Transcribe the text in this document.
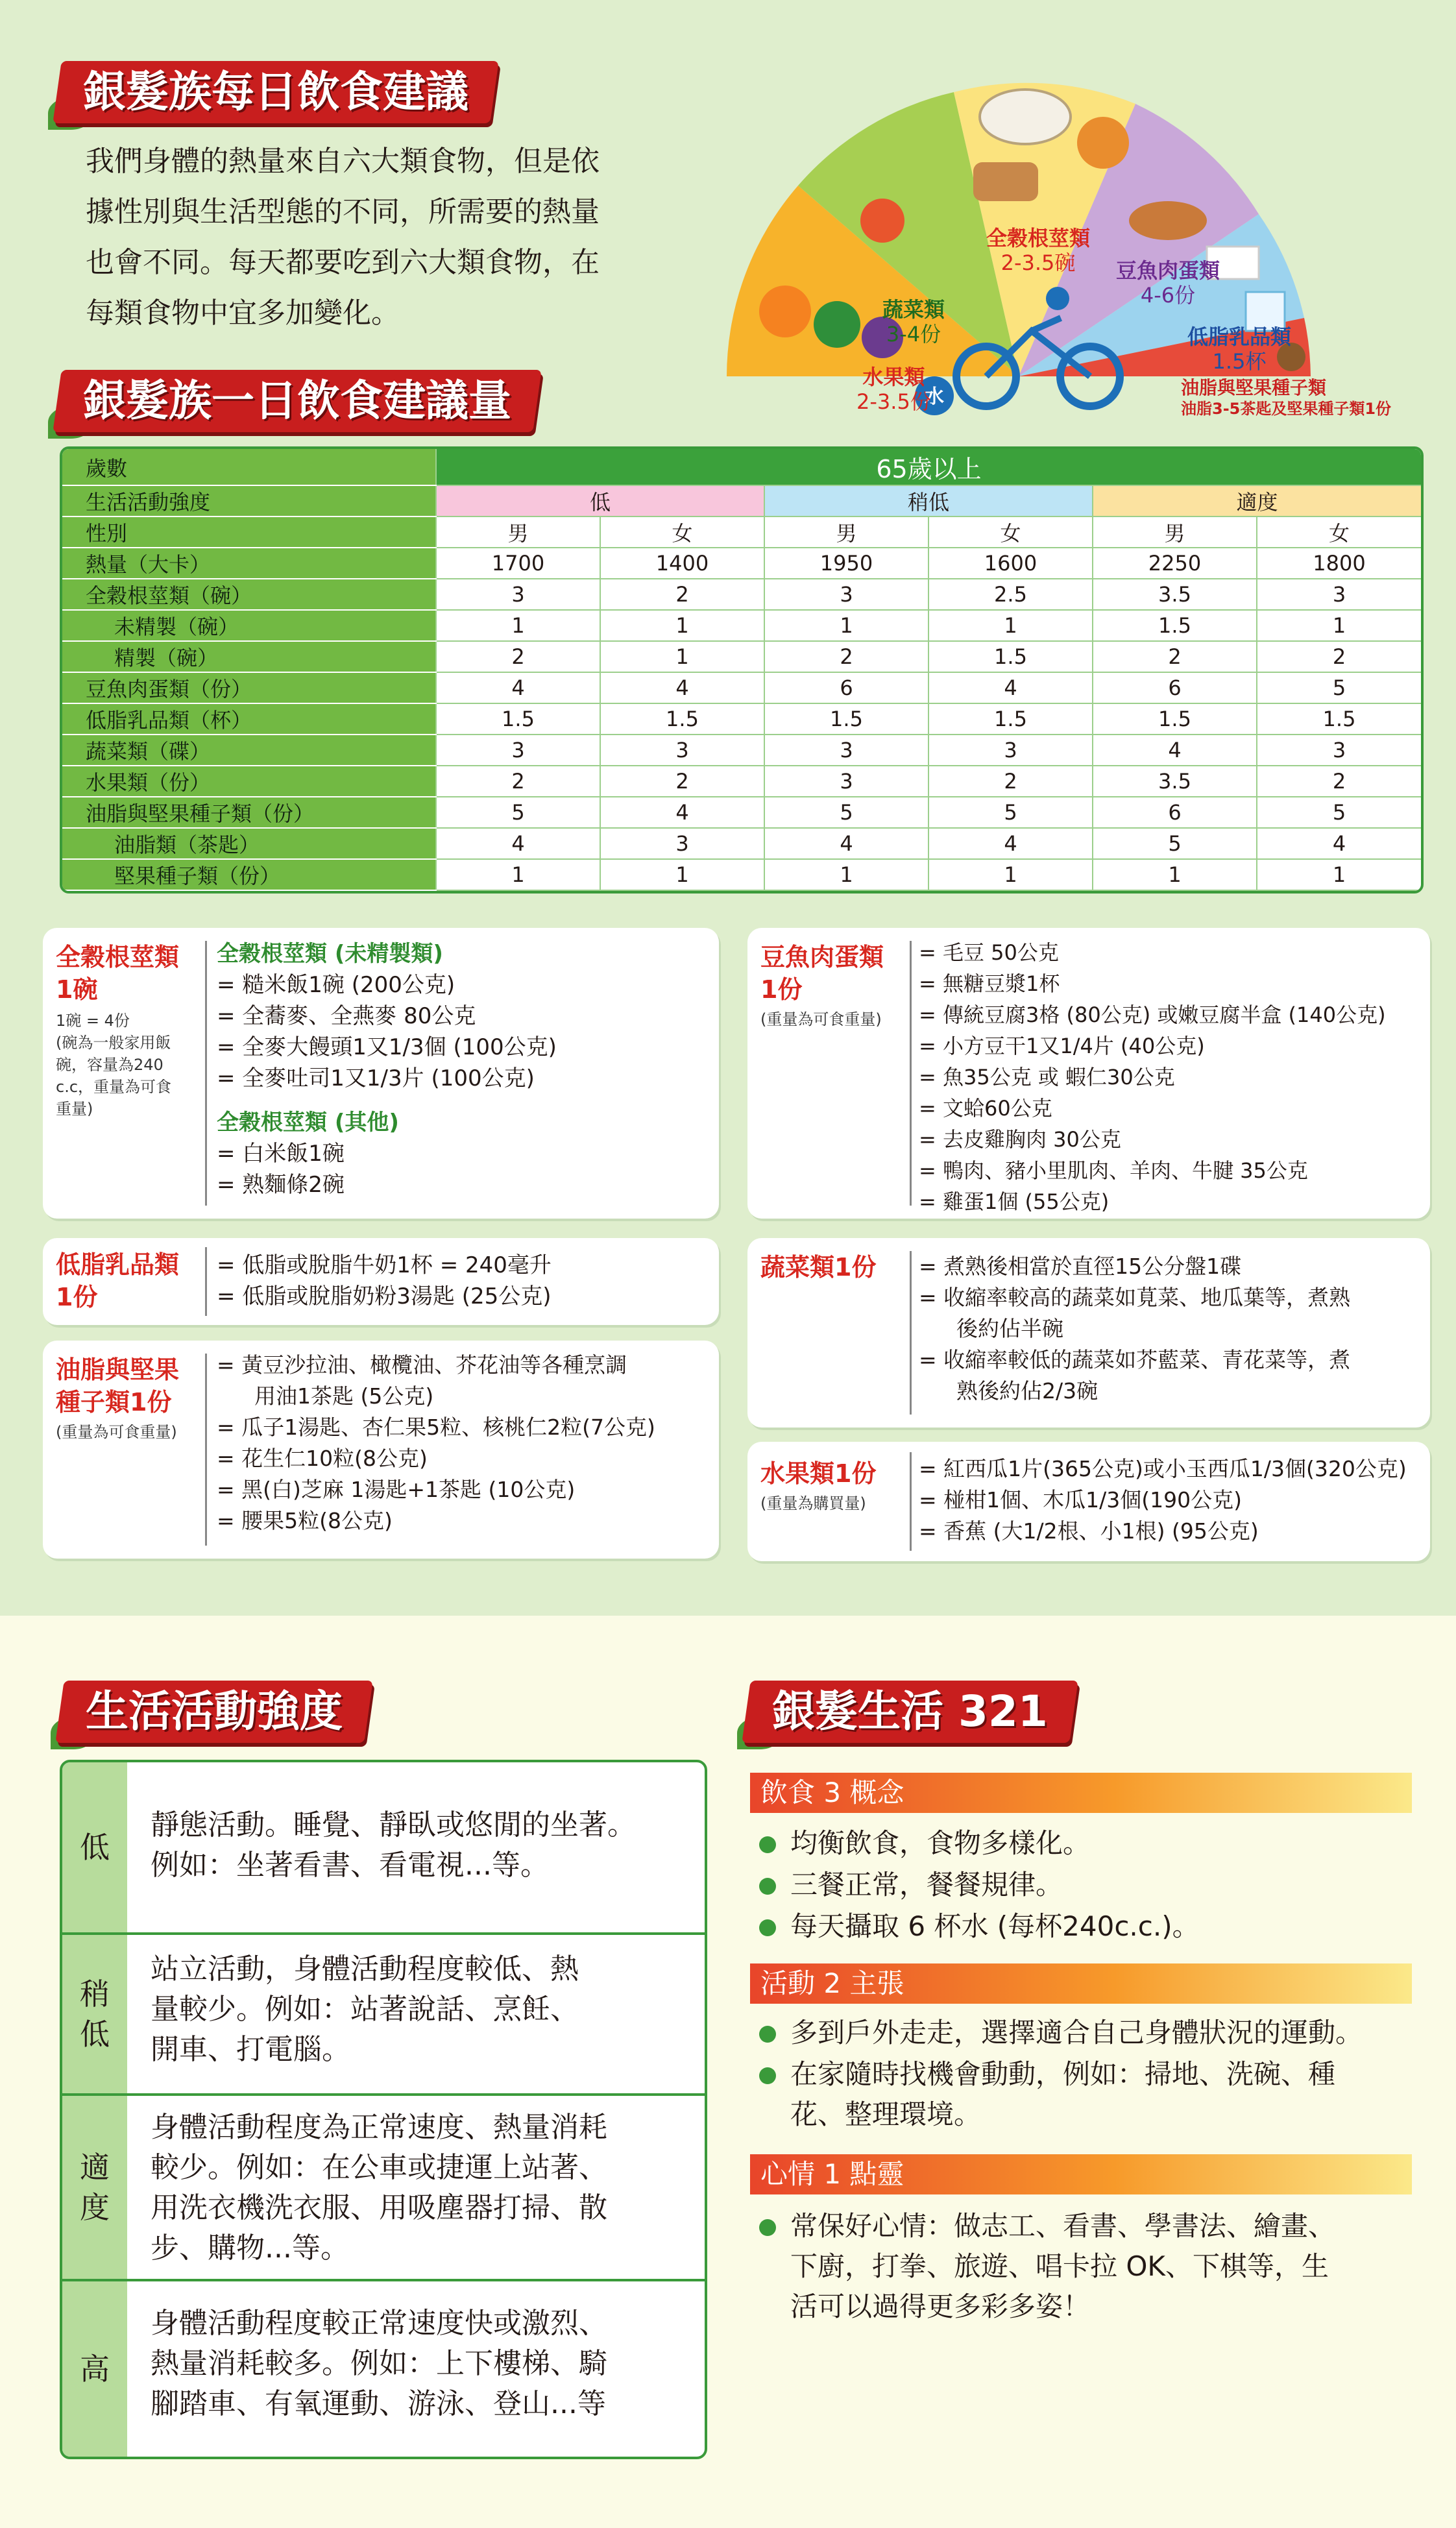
銀髮族每日飲食建議
我們身體的熱量來自六大類食物，但是依
據性別與生活型態的不同，所需要的熱量
也會不同。每天都要吃到六大類食物，在
每類食物中宜多加變化。
水
全穀根莖類
2-3.5碗	豆魚肉蛋類
4-6份
低脂乳品類
1.5杯
油脂與堅果種子類
油脂3-5茶匙及堅果種子類1份
蔬菜類
3-4份
水果類
2-3.5份
銀髮族一日飲食建議量
歲數	65歲以上					
生活活動強度	低		稍低		適度	
性別	男	女	男	女	男	女
熱量（大卡）	1700	1400	1950	1600	2250	1800
全穀根莖類（碗）	3	2	3	2.5	3.5	3
未精製（碗）	1	1	1	1	1.5	1
精製（碗）	2	1	2	1.5	2	2
豆魚肉蛋類（份）	4	4	6	4	6	5
低脂乳品類（杯）	1.5	1.5	1.5	1.5	1.5	1.5
蔬菜類（碟）	3	3	3	3	4	3
水果類（份）	2	2	3	2	3.5	2
油脂與堅果種子類（份）	5	4	5	5	6	5
油脂類（茶匙）	4	3	4	4	5	4
堅果種子類（份）	1	1	1	1	1	1
全穀根莖類
1碗
1碗 = 4份
(碗為一般家用飯
碗，容量為240
c.c，重量為可食
重量)
全穀根莖類 (未精製類)
= 糙米飯1碗 (200公克)
= 全蕎麥、全燕麥 80公克
= 全麥大饅頭1又1/3個 (100公克)
= 全麥吐司1又1/3片 (100公克)
全穀根莖類 (其他)
= 白米飯1碗
= 熟麵條2碗
豆魚肉蛋類
1份
(重量為可食重量)
= 毛豆 50公克
= 無糖豆漿1杯
= 傳統豆腐3格 (80公克) 或嫩豆腐半盒 (140公克)
= 小方豆干1又1/4片 (40公克)
= 魚35公克 或 蝦仁30公克
= 文蛤60公克
= 去皮雞胸肉 30公克
= 鴨肉、豬小里肌肉、羊肉、牛腱 35公克
= 雞蛋1個 (55公克)
低脂乳品類
1份
= 低脂或脫脂牛奶1杯 = 240毫升
= 低脂或脫脂奶粉3湯匙 (25公克)
蔬菜類1份 = 煮熟後相當於直徑15公分盤1碟
= 收縮率較高的蔬菜如莧菜、地瓜葉等，煮熟
後約佔半碗
= 收縮率較低的蔬菜如芥藍菜、青花菜等，煮
熟後約佔2/3碗
油脂與堅果
種子類1份
(重量為可食重量)
= 黃豆沙拉油、橄欖油、芥花油等各種烹調
用油1茶匙 (5公克)
= 瓜子1湯匙、杏仁果5粒、核桃仁2粒(7公克)
= 花生仁10粒(8公克)
= 黑(白)芝麻 1湯匙+1茶匙 (10公克)
= 腰果5粒(8公克)
水果類1份
(重量為購買量)
= 紅西瓜1片(365公克)或小玉西瓜1/3個(320公克)
= 椪柑1個、木瓜1/3個(190公克)
= 香蕉 (大1/2根、小1根) (95公克)
生活活動強度
低
靜態活動。睡覺、靜臥或悠閒的坐著。
例如：坐著看書、看電視...等。
稍低
站立活動，身體活動程度較低、熱
量較少。例如：站著說話、烹飪、
開車、打電腦。
適度
身體活動程度為正常速度、熱量消耗
較少。例如：在公車或捷運上站著、
用洗衣機洗衣服、用吸塵器打掃、散
步、購物...等。
高
身體活動程度較正常速度快或激烈、
熱量消耗較多。例如：上下樓梯、騎
腳踏車、有氧運動、游泳、登山...等
銀髮生活 321
飲食 3 概念
均衡飲食，食物多樣化。
三餐正常，餐餐規律。
每天攝取 6 杯水 (每杯240c.c.)。
活動 2 主張
多到戶外走走，選擇適合自己身體狀況的運動。
在家隨時找機會動動，例如：掃地、洗碗、種
花、整理環境。
心情 1 點靈
常保好心情：做志工、看書、學書法、繪畫、
下廚，打拳、旅遊、唱卡拉 OK、下棋等，生
活可以過得更多彩多姿！
